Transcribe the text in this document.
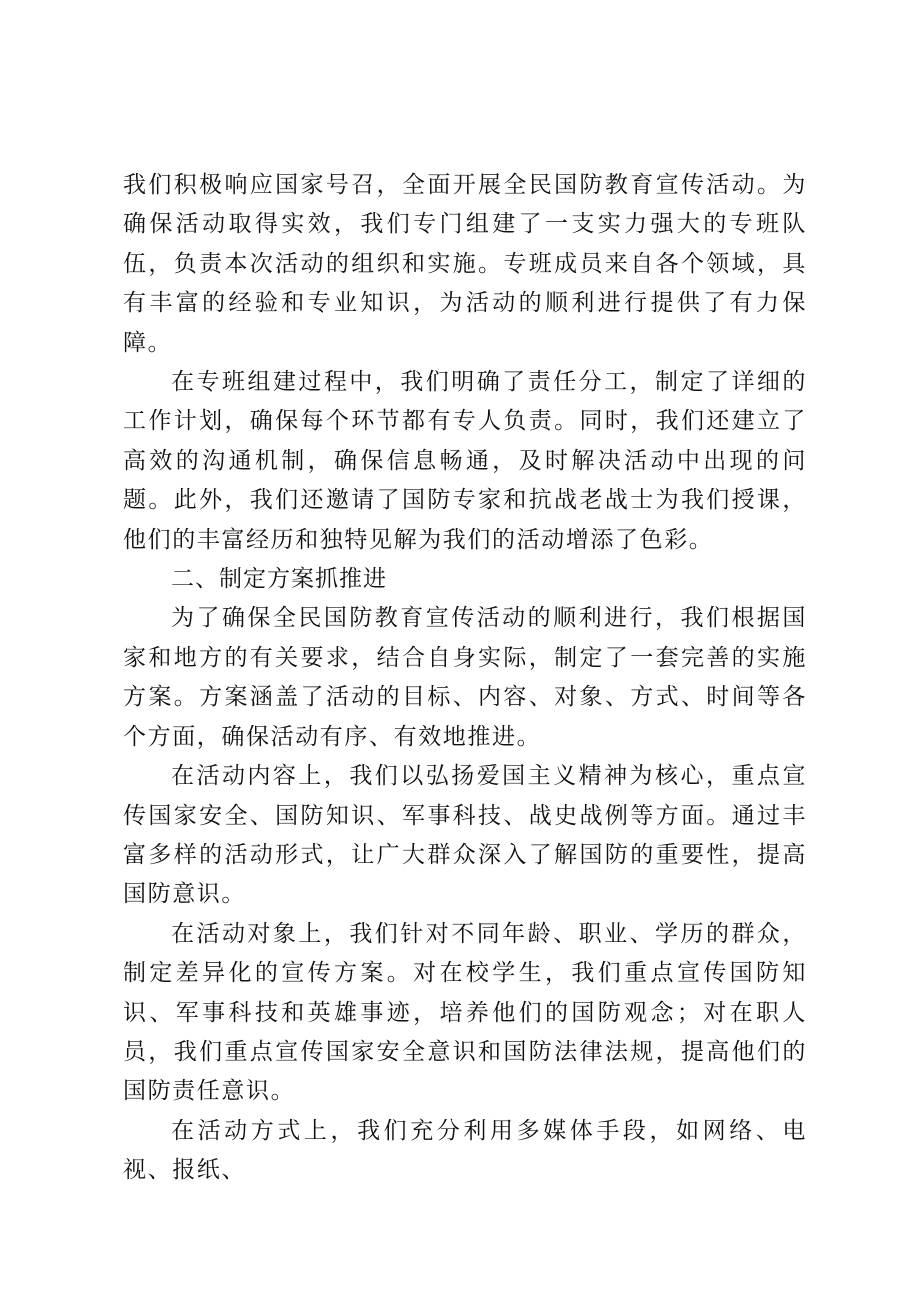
我们积极响应国家号召，全面开展全民国防教育宣传活动。为确保活动取得实效，我们专门组建了一支实力强大的专班队伍，负责本次活动的组织和实施。专班成员来自各个领域，具有丰富的经验和专业知识，为活动的顺利进行提供了有力保障。

在专班组建过程中，我们明确了责任分工，制定了详细的工作计划，确保每个环节都有专人负责。同时，我们还建立了高效的沟通机制，确保信息畅通，及时解决活动中出现的问题。此外，我们还邀请了国防专家和抗战老战士为我们授课，他们的丰富经历和独特见解为我们的活动增添了色彩。

二、制定方案抓推进

为了确保全民国防教育宣传活动的顺利进行，我们根据国家和地方的有关要求，结合自身实际，制定了一套完善的实施方案。方案涵盖了活动的目标、内容、对象、方式、时间等各个方面，确保活动有序、有效地推进。

在活动内容上，我们以弘扬爱国主义精神为核心，重点宣传国家安全、国防知识、军事科技、战史战例等方面。通过丰富多样的活动形式，让广大群众深入了解国防的重要性，提高国防意识。

在活动对象上，我们针对不同年龄、职业、学历的群众，制定差异化的宣传方案。对在校学生，我们重点宣传国防知识、军事科技和英雄事迹，培养他们的国防观念；对在职人员，我们重点宣传国家安全意识和国防法律法规，提高他们的国防责任意识。

在活动方式上，我们充分利用多媒体手段，如网络、电视、报纸、
